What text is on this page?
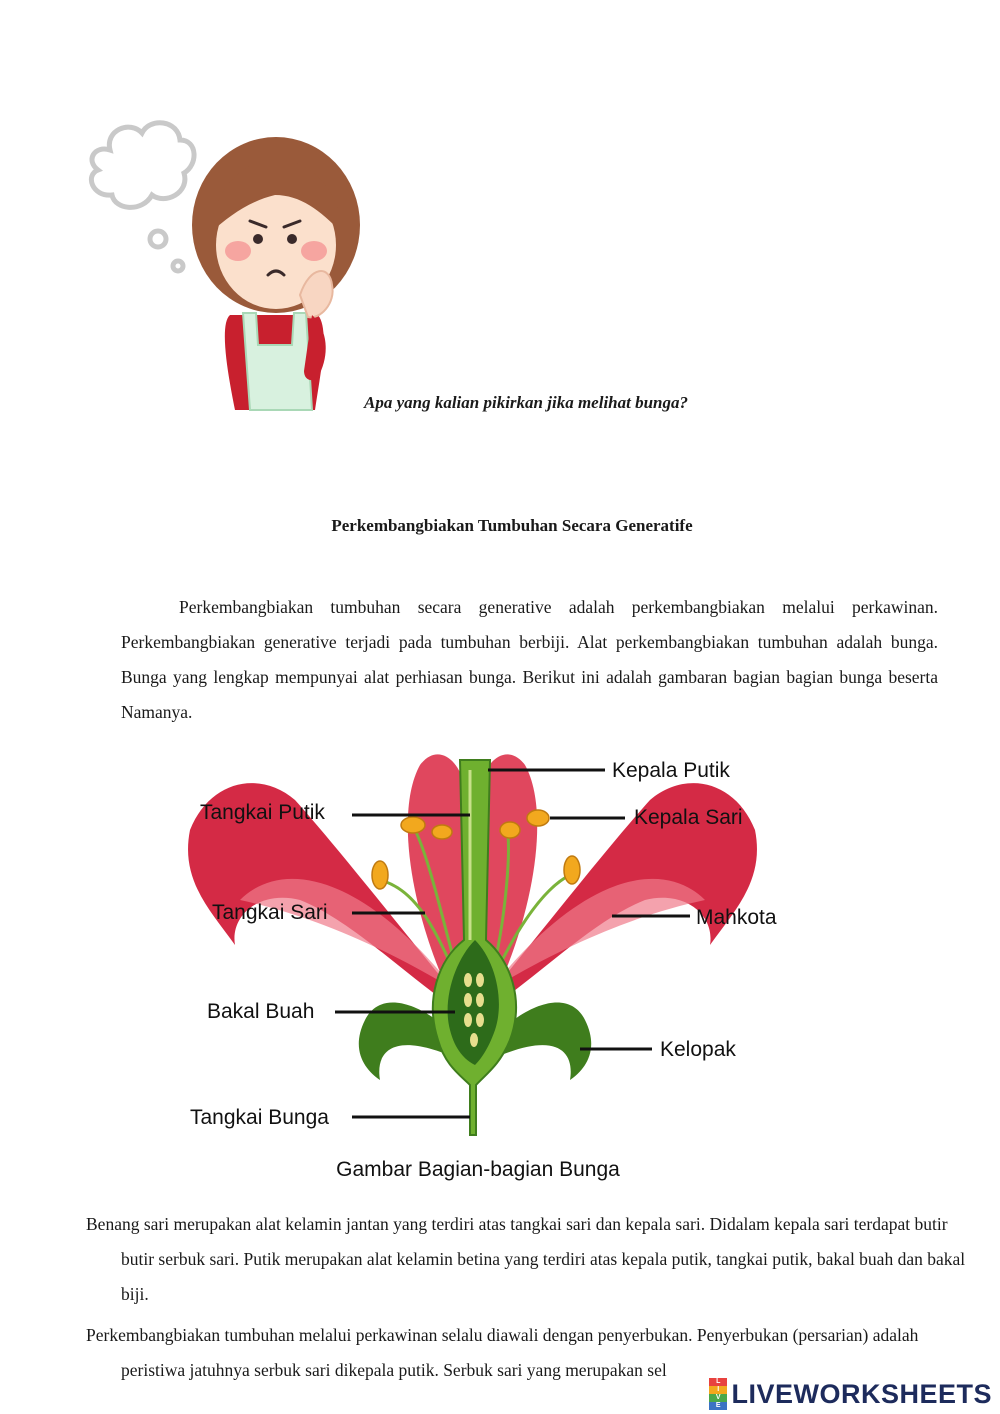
Apa yang kalian pikirkan jika melihat bunga?
Perkembangbiakan Tumbuhan Secara Generatife
Perkembangbiakan tumbuhan secara generative adalah perkembangbiakan melalui perkawinan. Perkembangbiakan generative terjadi pada tumbuhan berbiji. Alat perkembangbiakan tumbuhan adalah bunga. Bunga yang lengkap mempunyai alat perhiasan bunga. Berikut ini adalah gambaran bagian bagian bunga beserta Namanya.
Kepala Putik
Tangkai Putik	Kepala Sari
Tangkai Sari	Mahkota
Bakal Buah
Kelopak
Tangkai Bunga
Gambar Bagian-bagian Bunga
Benang sari merupakan alat kelamin jantan yang terdiri atas tangkai sari dan kepala sari. Didalam kepala sari terdapat butir butir serbuk sari. Putik merupakan alat kelamin betina yang terdiri atas kepala putik, tangkai putik, bakal buah dan bakal biji.
Perkembangbiakan tumbuhan melalui perkawinan selalu diawali dengan penyerbukan. Penyerbukan (persarian) adalah peristiwa jatuhnya serbuk sari dikepala putik. Serbuk sari yang merupakan sel
L
I
V
E LIVEWORKSHEETS
